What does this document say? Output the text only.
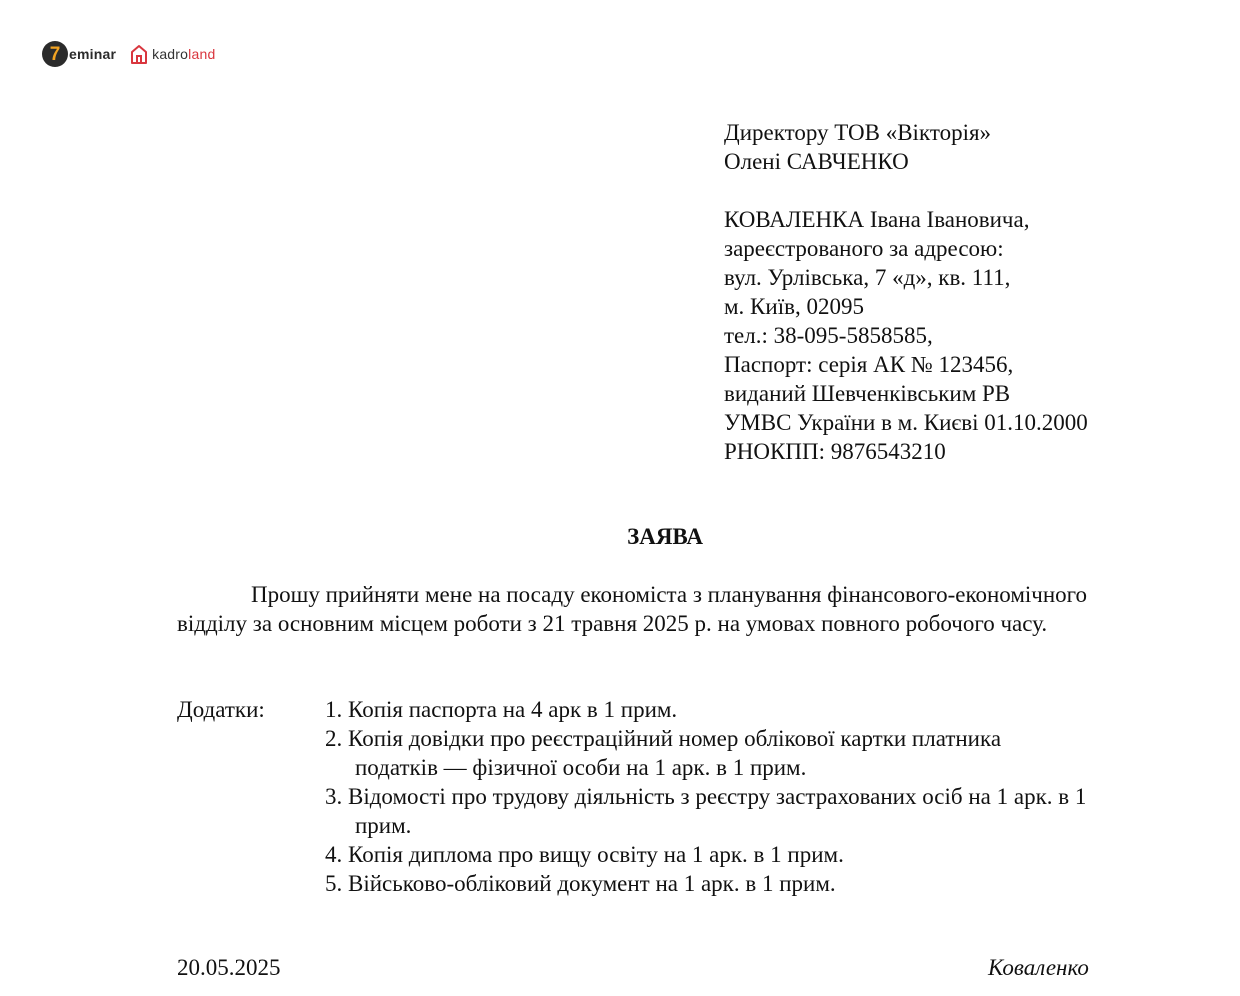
7 eminar	kadroland
Директору ТОВ «Вікторія»
Олені САВЧЕНКО
КОВАЛЕНКА Івана Івановича,
зареєстрованого за адресою:
вул. Урлівська, 7 «д», кв. 111,
м. Київ, 02095
тел.: 38-095-5858585,
Паспорт: серія АК № 123456,
виданий Шевченківським РВ
УМВС України в м. Києві 01.10.2000
РНОКПП: 9876543210
ЗАЯВА
Прошу прийняти мене на посаду економіста з планування фінансового-економічного
відділу за основним місцем роботи з 21 травня 2025 р. на умовах повного робочого часу.
Додатки:	1. Копія паспорта на 4 арк в 1 прим.
2. Копія довідки про реєстраційний номер облікової картки платника
податків — фізичної особи на 1 арк. в 1 прим.
3. Відомості про трудову діяльність з реєстру застрахованих осіб на 1 арк. в 1
прим.
4. Копія диплома про вищу освіту на 1 арк. в 1 прим.
5. Військово-обліковий документ на 1 арк. в 1 прим.
20.05.2025	Коваленко
